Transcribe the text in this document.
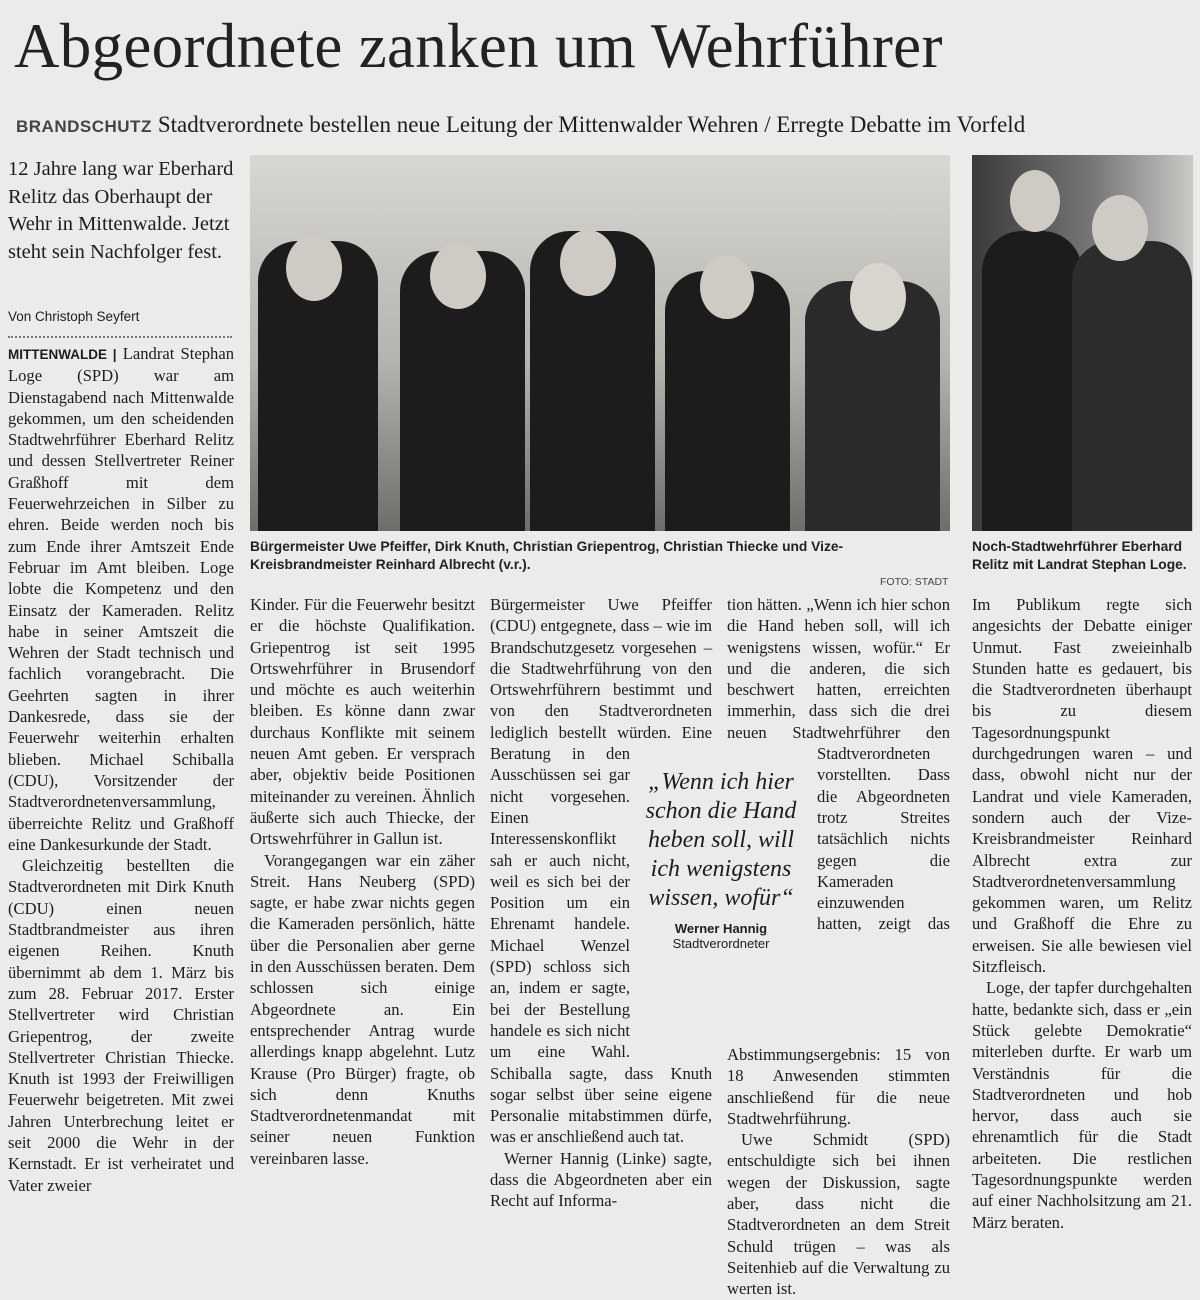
Abgeordnete zanken um Wehrführer
BRANDSCHUTZ Stadtverordnete bestellen neue Leitung der Mittenwalder Wehren / Erregte Debatte im Vorfeld
12 Jahre lang war Eberhard Relitz das Oberhaupt der Wehr in Mittenwalde. Jetzt steht sein Nachfolger fest.
Von Christoph Seyfert

MITTENWALDE | Landrat Stephan Loge (SPD) war am Dienstagabend nach Mittenwalde gekommen, um den scheidenden Stadtwehrführer Eberhard Relitz und dessen Stellvertreter Reiner Graßhoff mit dem Feuerwehrzeichen in Silber zu ehren. Beide werden noch bis zum Ende ihrer Amtszeit Ende Februar im Amt bleiben. Loge lobte die Kompetenz und den Einsatz der Kameraden. Relitz habe in seiner Amtszeit die Wehren der Stadt technisch und fachlich vorangebracht. Die Geehrten sagten in ihrer Dankesrede, dass sie der Feuerwehr weiterhin erhalten blieben. Michael Schiballa (CDU), Vorsitzender der Stadtverordnetenversammlung, überreichte Relitz und Graßhoff eine Dankesurkunde der Stadt.

Gleichzeitig bestellten die Stadtverordneten mit Dirk Knuth (CDU) einen neuen Stadtbrandmeister aus ihren eigenen Reihen. Knuth übernimmt ab dem 1. März bis zum 28. Februar 2017. Erster Stellvertreter wird Christian Griepentrog, der zweite Stellvertreter Christian Thiecke. Knuth ist 1993 der Freiwilligen Feuerwehr beigetreten. Mit zwei Jahren Unterbrechung leitet er seit 2000 die Wehr in der Kernstadt. Er ist verheiratet und Vater zweier

Bürgermeister Uwe Pfeiffer, Dirk Knuth, Christian Griepentrog, Christian Thiecke und Vize-Kreisbrandmeister Reinhard Albrecht (v.r.).
FOTO: STADT
Noch-Stadtwehrführer Eberhard Relitz mit Landrat Stephan Loge.

Kinder. Für die Feuerwehr besitzt er die höchste Qualifikation. Griepentrog ist seit 1995 Ortswehrführer in Brusendorf und möchte es auch weiterhin bleiben. Es könne dann zwar durchaus Konflikte mit seinem neuen Amt geben. Er versprach aber, objektiv beide Positionen miteinander zu vereinen. Ähnlich äußerte sich auch Thiecke, der Ortswehrführer in Gallun ist.

Vorangegangen war ein zäher Streit. Hans Neuberg (SPD) sagte, er habe zwar nichts gegen die Kameraden persönlich, hätte über die Personalien aber gerne in den Ausschüssen beraten. Dem schlossen sich einige Abgeordnete an. Ein entsprechender Antrag wurde allerdings knapp abgelehnt. Lutz Krause (Pro Bürger) fragte, ob sich denn Knuths Stadtverordnetenmandat mit seiner neuen Funktion vereinbaren lasse.

Bürgermeister Uwe Pfeiffer (CDU) entgegnete, dass – wie im Brandschutzgesetz vorgesehen – die Stadtwehrführung von den Ortswehrführern bestimmt und von den Stadtverordneten lediglich bestellt würden. Eine Beratung in den Ausschüssen sei gar nicht vorgesehen. Einen Interessenskonflikt sah er auch nicht, weil es sich bei der Position um ein Ehrenamt handele. Michael Wenzel (SPD) schloss sich an, indem er sagte, bei der Bestellung handele es sich nicht um eine Wahl. Schiballa sagte, dass Knuth sogar selbst über seine eigene Personalie mitabstimmen dürfe, was er anschließend auch tat.

Werner Hannig (Linke) sagte, dass die Abgeordneten aber ein Recht auf Informa-

tion hätten. „Wenn ich hier schon die Hand heben soll, will ich wenigstens wissen, wofür.“ Er und die anderen, die sich beschwert hatten, erreichten immerhin, dass sich die drei neuen Stadtwehrführer den Stadtverordneten vorstellten. Dass die Abgeordneten trotz Streites tatsächlich nichts gegen die Kameraden einzuwenden hatten, zeigt das Abstimmungsergebnis: 15 von 18 Anwesenden stimmten anschließend für die neue Stadtwehrführung.

Uwe Schmidt (SPD) entschuldigte sich bei ihnen wegen der Diskussion, sagte aber, dass nicht die Stadtverordneten an dem Streit Schuld trügen – was als Seitenhieb auf die Verwaltung zu werten ist.

„Wenn ich hier schon die Hand heben soll, will ich wenigstens wissen, wofür“
Werner Hannig
Stadtverordneter

Im Publikum regte sich angesichts der Debatte einiger Unmut. Fast zweieinhalb Stunden hatte es gedauert, bis die Stadtverordneten überhaupt bis zu diesem Tagesordnungspunkt durchgedrungen waren – und dass, obwohl nicht nur der Landrat und viele Kameraden, sondern auch der Vize-Kreisbrandmeister Reinhard Albrecht extra zur Stadtverordnetenversammlung gekommen waren, um Relitz und Graßhoff die Ehre zu erweisen. Sie alle bewiesen viel Sitzfleisch.

Loge, der tapfer durchgehalten hatte, bedankte sich, dass er „ein Stück gelebte Demokratie“ miterleben durfte. Er warb um Verständnis für die Stadtverordneten und hob hervor, dass auch sie ehrenamtlich für die Stadt arbeiteten. Die restlichen Tagesordnungspunkte werden auf einer Nachholsitzung am 21. März beraten.
